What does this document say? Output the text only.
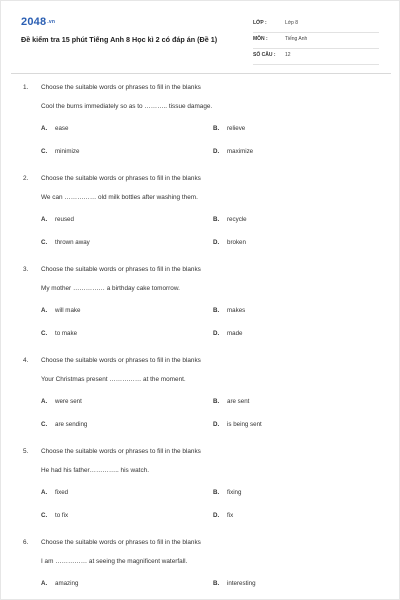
2048.vn
Đề kiểm tra 15 phút Tiếng Anh 8 Học kì 2 có đáp án (Đề 1)
LỚP :	Lớp 8
MÔN :	Tiếng Anh
SỐ CÂU : 12
1. Choose the suitable words or phrases to fill in the blanks
Cool the burns immediately so as to ……….. tissue damage.
A. ease	B. relieve
C. minimize	D. maximize
2. Choose the suitable words or phrases to fill in the blanks
We can …………… old milk bottles after washing them.
A. reused	B. recycle
C. thrown away	D. broken
3. Choose the suitable words or phrases to fill in the blanks
My mother …………… a birthday cake tomorrow.
A. will make	B. makes
C. to make	D. made
4. Choose the suitable words or phrases to fill in the blanks
Your Christmas present …………… at the moment.
A. were sent	B. are sent
C. are sending	D. is being sent
5. Choose the suitable words or phrases to fill in the blanks
He had his father………….. his watch.
A. fixed	B. fixing
C. to fix	D. fix
6. Choose the suitable words or phrases to fill in the blanks
I am …………… at seeing the magnificent waterfall.
A. amazing	B. interesting
